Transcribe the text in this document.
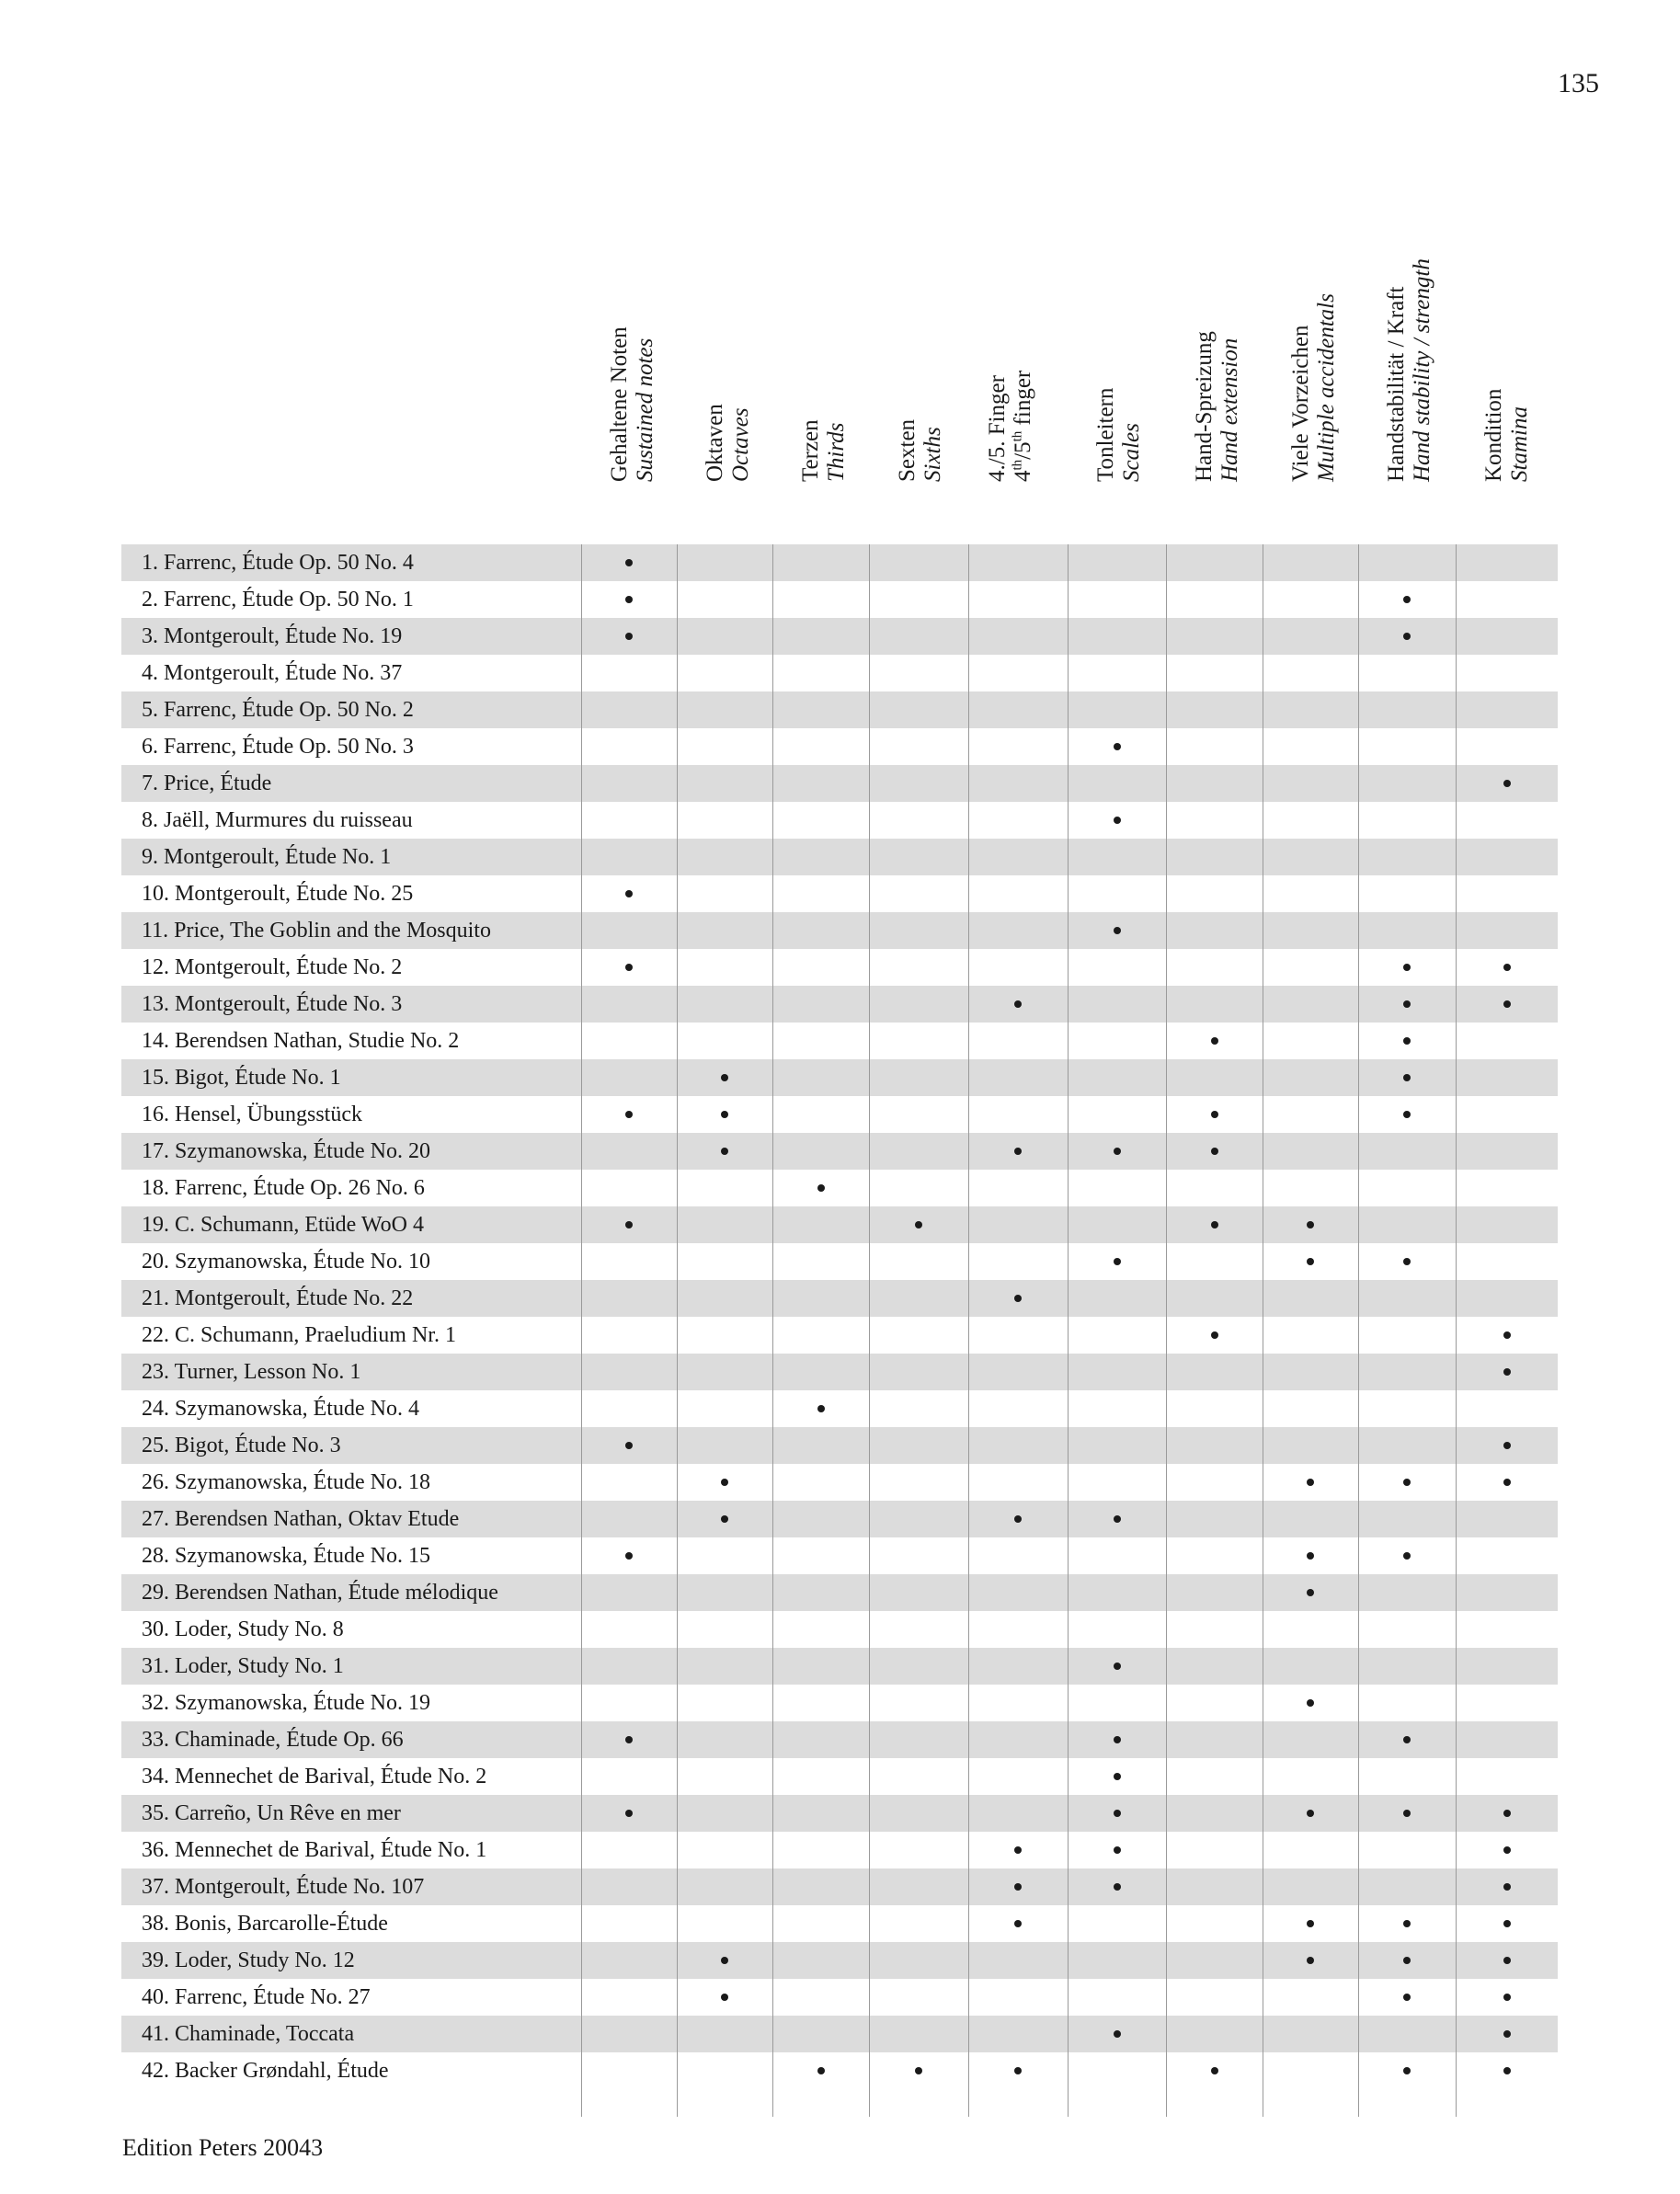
135
Gehaltene Noten Sustained notes Oktaven Octaves Terzen Thirds Sexten Sixths 4./5. Finger 4th/5th finger	Tonleitern Scales Hand-Spreizung Hand extension Viele Vorzeichen Multiple accidentals Handstabilität / Kraft Hand stability / strength Kondition Stamina
1. Farrenc, Étude Op. 50 No. 4
2. Farrenc, Étude Op. 50 No. 1
3. Montgeroult, Étude No. 19
4. Montgeroult, Étude No. 37
5. Farrenc, Étude Op. 50 No. 2
6. Farrenc, Étude Op. 50 No. 3
7. Price, Étude
8. Jaëll, Murmures du ruisseau
9. Montgeroult, Étude No. 1
10. Montgeroult, Étude No. 25
11. Price, The Goblin and the Mosquito
12. Montgeroult, Étude No. 2
13. Montgeroult, Étude No. 3
14. Berendsen Nathan, Studie No. 2
15. Bigot, Étude No. 1
16. Hensel, Übungsstück
17. Szymanowska, Étude No. 20
18. Farrenc, Étude Op. 26 No. 6
19. C. Schumann, Etüde WoO 4
20. Szymanowska, Étude No. 10
21. Montgeroult, Étude No. 22
22. C. Schumann, Praeludium Nr. 1
23. Turner, Lesson No. 1
24. Szymanowska, Étude No. 4
25. Bigot, Étude No. 3
26. Szymanowska, Étude No. 18
27. Berendsen Nathan, Oktav Etude
28. Szymanowska, Étude No. 15
29. Berendsen Nathan, Étude mélodique
30. Loder, Study No. 8
31. Loder, Study No. 1
32. Szymanowska, Étude No. 19
33. Chaminade, Étude Op. 66
34. Mennechet de Barival, Étude No. 2
35. Carreño, Un Rêve en mer
36. Mennechet de Barival, Étude No. 1
37. Montgeroult, Étude No. 107
38. Bonis, Barcarolle-Étude
39. Loder, Study No. 12
40. Farrenc, Étude No. 27
41. Chaminade, Toccata
42. Backer Grøndahl, Étude
Edition Peters 20043
